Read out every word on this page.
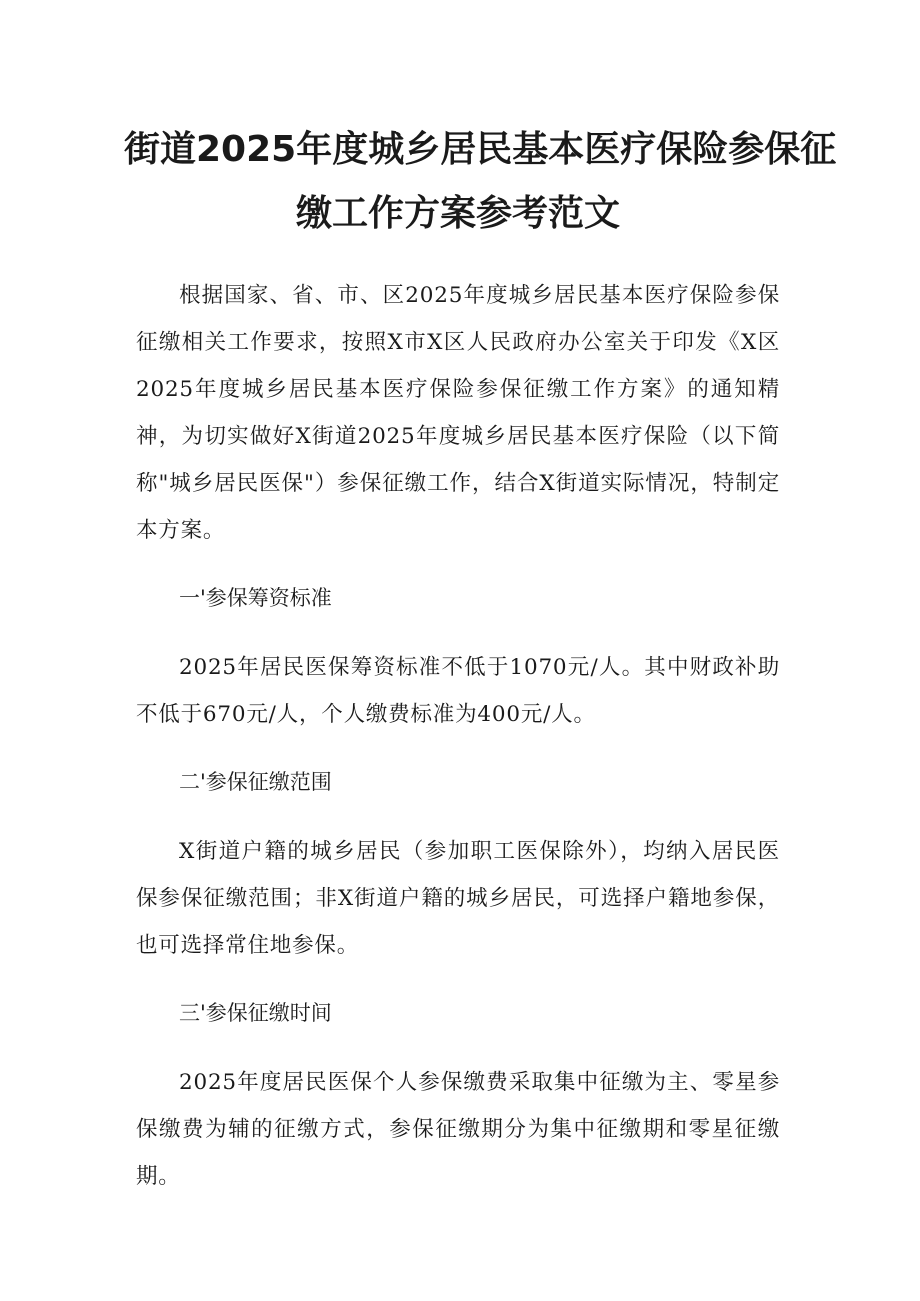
街道2025年度城乡居民基本医疗保险参保征
缴工作方案参考范文

根据国家、省、市、区2025年度城乡居民基本医疗保险参保征缴相关工作要求，按照X市X区人民政府办公室关于印发《X区2025年度城乡居民基本医疗保险参保征缴工作方案》的通知精神，为切实做好X街道2025年度城乡居民基本医疗保险（以下简称"城乡居民医保"）参保征缴工作，结合X街道实际情况，特制定本方案。

一'参保筹资标准

2025年居民医保筹资标准不低于1070元/人。其中财政补助不低于670元/人，个人缴费标准为400元/人。

二'参保征缴范围

X街道户籍的城乡居民（参加职工医保除外），均纳入居民医保参保征缴范围；非X街道户籍的城乡居民，可选择户籍地参保，也可选择常住地参保。

三'参保征缴时间

2025年度居民医保个人参保缴费采取集中征缴为主、零星参保缴费为辅的征缴方式，参保征缴期分为集中征缴期和零星征缴期。
